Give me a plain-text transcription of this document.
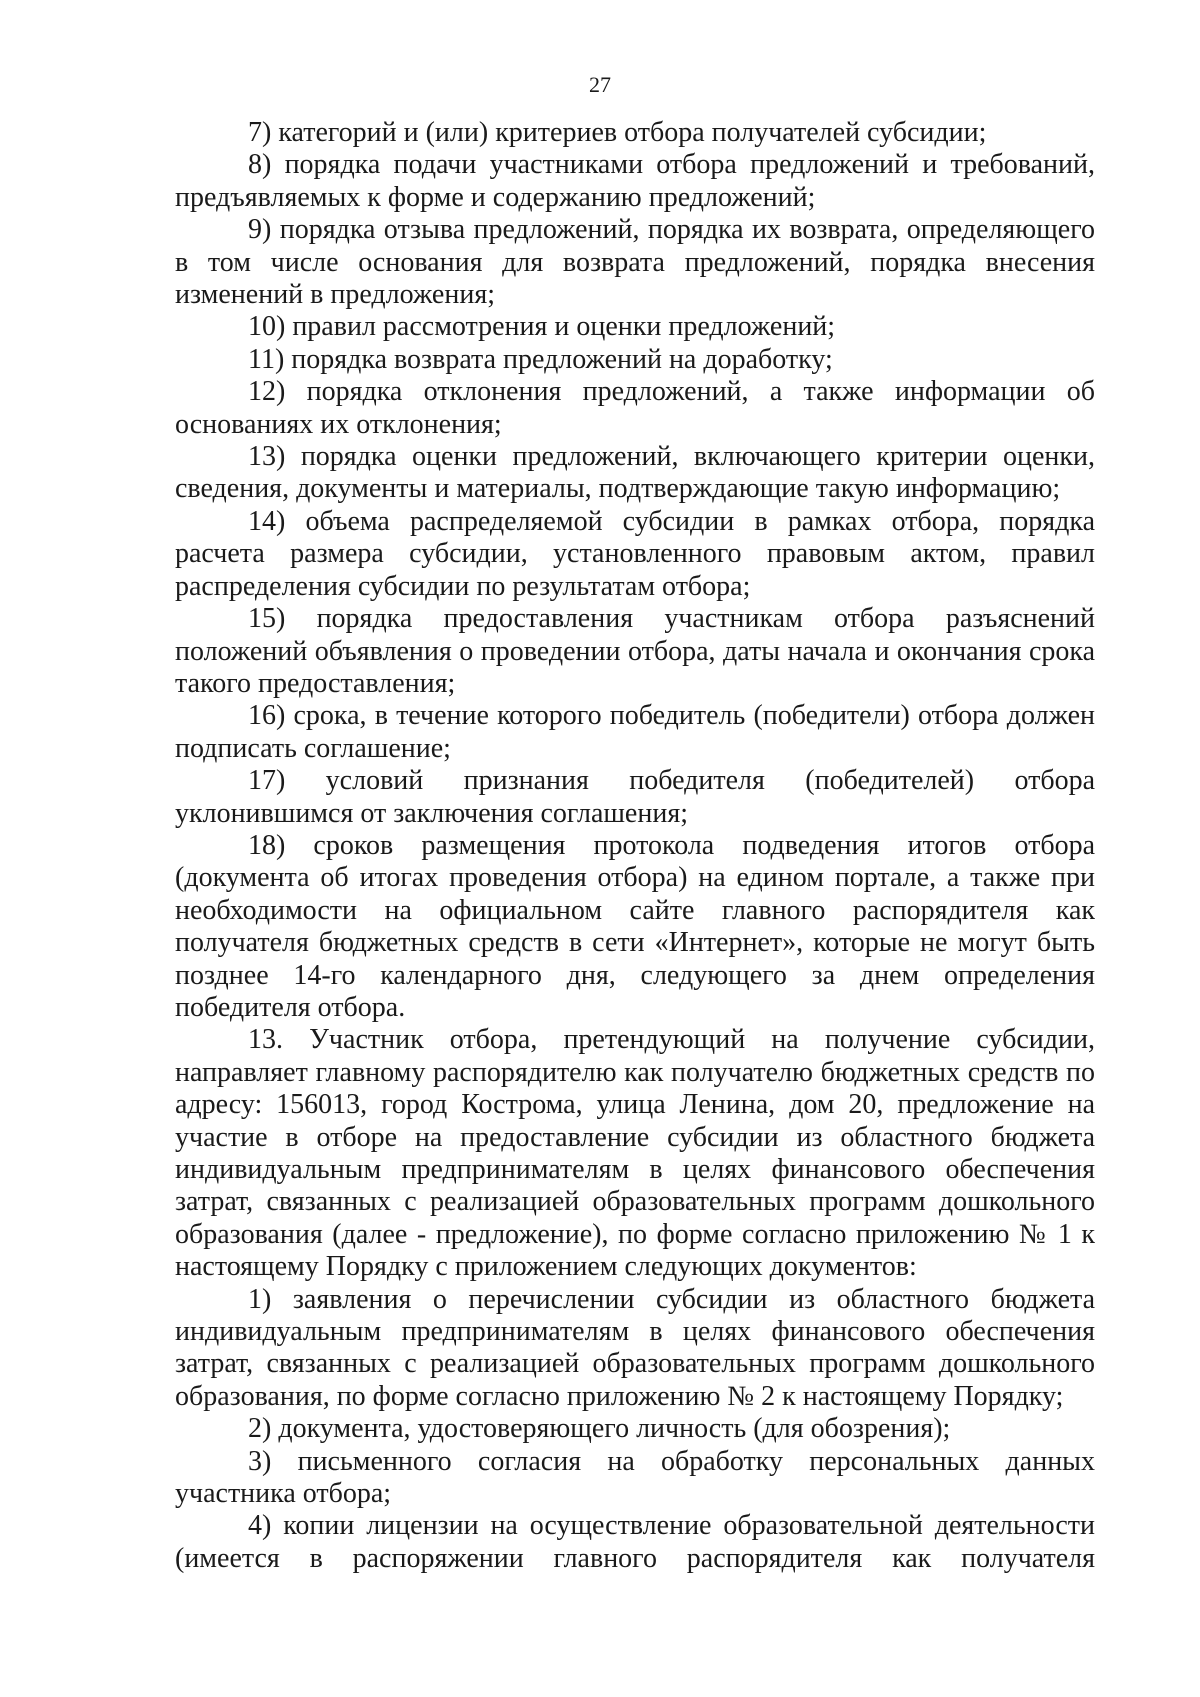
27

7) категорий и (или) критериев отбора получателей субсидии;

8) порядка подачи участниками отбора предложений и требований, предъявляемых к форме и содержанию предложений;

9) порядка отзыва предложений, порядка их возврата, определяющего в том числе основания для возврата предложений, порядка внесения изменений в предложения;

10) правил рассмотрения и оценки предложений;

11) порядка возврата предложений на доработку;

12) порядка отклонения предложений, а также информации об основаниях их отклонения;

13) порядка оценки предложений, включающего критерии оценки, сведения, документы и материалы, подтверждающие такую информацию;

14) объема распределяемой субсидии в рамках отбора, порядка расчета размера субсидии, установленного правовым актом, правил распределения субсидии по результатам отбора;

15) порядка предоставления участникам отбора разъяснений положений объявления о проведении отбора, даты начала и окончания срока такого предоставления;

16) срока, в течение которого победитель (победители) отбора должен подписать соглашение;

17) условий признания победителя (победителей) отбора уклонившимся от заключения соглашения;

18) сроков размещения протокола подведения итогов отбора (документа об итогах проведения отбора) на едином портале, а также при необходимости на официальном сайте главного распорядителя как получателя бюджетных средств в сети «Интернет», которые не могут быть позднее 14-го календарного дня, следующего за днем определения победителя отбора.

13. Участник отбора, претендующий на получение субсидии, направляет главному распорядителю как получателю бюджетных средств по адресу: 156013, город Кострома, улица Ленина, дом 20, предложение на участие в отборе на предоставление субсидии из областного бюджета индивидуальным предпринимателям в целях финансового обеспечения затрат, связанных с реализацией образовательных программ дошкольного образования (далее - предложение), по форме согласно приложению № 1 к настоящему Порядку с приложением следующих документов:

1) заявления о перечислении субсидии из областного бюджета индивидуальным предпринимателям в целях финансового обеспечения затрат, связанных с реализацией образовательных программ дошкольного образования, по форме согласно приложению № 2 к настоящему Порядку;

2) документа, удостоверяющего личность (для обозрения);

3) письменного согласия на обработку персональных данных участника отбора;

4) копии лицензии на осуществление образовательной деятельности (имеется в распоряжении главного распорядителя как получателя
